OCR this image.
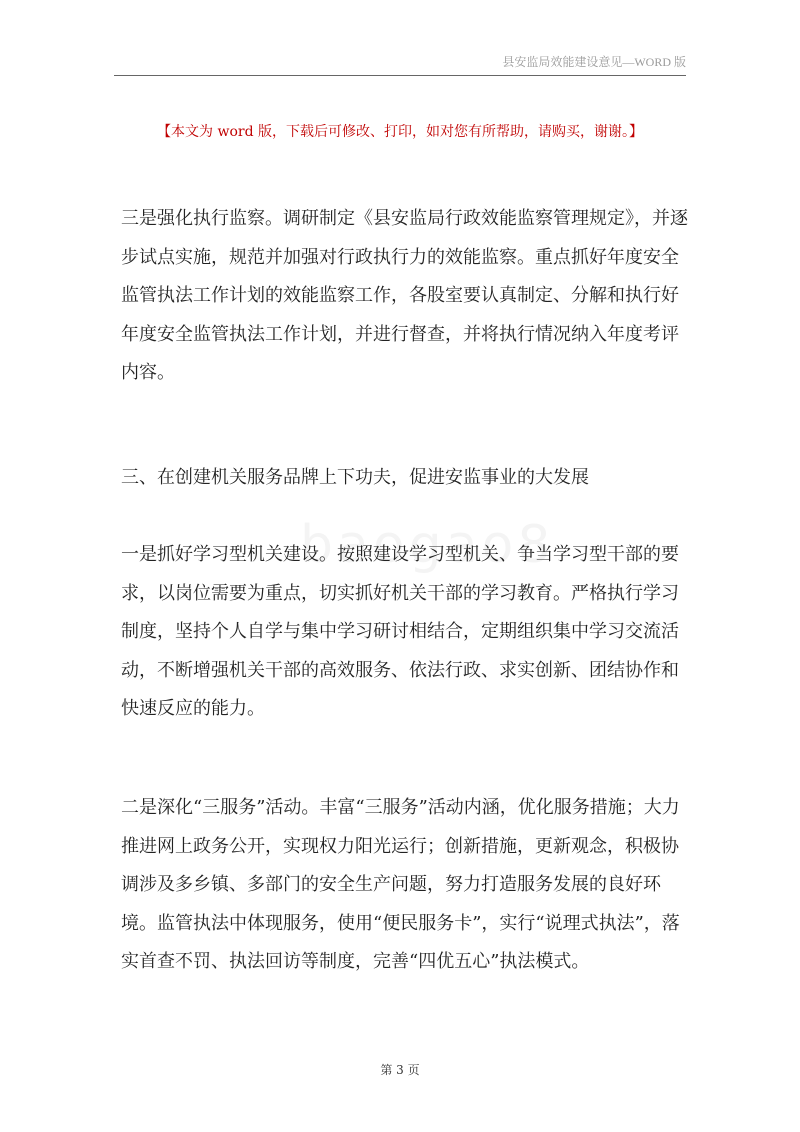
县安监局效能建设意见—WORD 版
【本文为 word 版，下载后可修改、打印，如对您有所帮助，请购买，谢谢。】

三是强化执行监察。调研制定《县安监局行政效能监察管理规定》，并逐步试点实施，规范并加强对行政执行力的效能监察。重点抓好年度安全监管执法工作计划的效能监察工作，各股室要认真制定、分解和执行好年度安全监管执法工作计划，并进行督查，并将执行情况纳入年度考评内容。

三、在创建机关服务品牌上下功夫，促进安监事业的大发展

一是抓好学习型机关建设。按照建设学习型机关、争当学习型干部的要求，以岗位需要为重点，切实抓好机关干部的学习教育。严格执行学习制度，坚持个人自学与集中学习研讨相结合，定期组织集中学习交流活动，不断增强机关干部的高效服务、依法行政、求实创新、团结协作和快速反应的能力。

二是深化“三服务”活动。丰富“三服务”活动内涵，优化服务措施；大力推进网上政务公开，实现权力阳光运行；创新措施，更新观念，积极协调涉及多乡镇、多部门的安全生产问题，努力打造服务发展的良好环境。监管执法中体现服务，使用“便民服务卡”，实行“说理式执法”，落实首查不罚、执法回访等制度，完善“四优五心”执法模式。

第 3 页
